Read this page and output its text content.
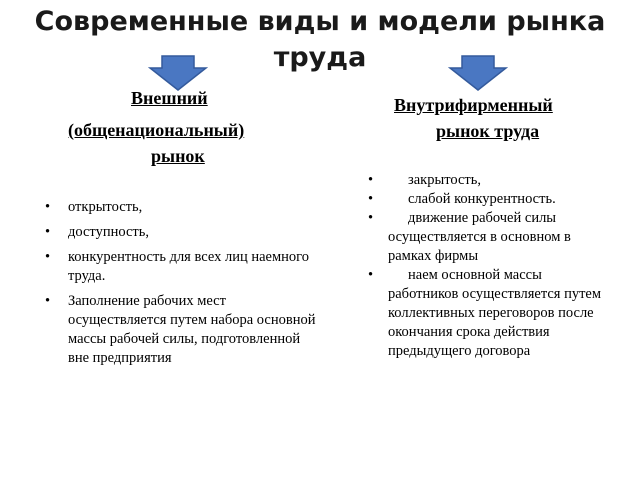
Современные виды и модели рынка труда
Внешний
(общенациональный)
рынок
Внутрифирменный
рынок труда
• открытость,
• доступность,
• конкурентность для всех лиц наемного труда.
• Заполнение рабочих мест осуществляется путем набора основной массы рабочей силы, подготовленной вне предприятия
• закрытость,
• слабой конкурентность.
• движение рабочей силы осуществляется в основном в рамках фирмы
• наем основной массы работников осуществляется путем коллективных переговоров после окончания срока действия предыдущего договора
